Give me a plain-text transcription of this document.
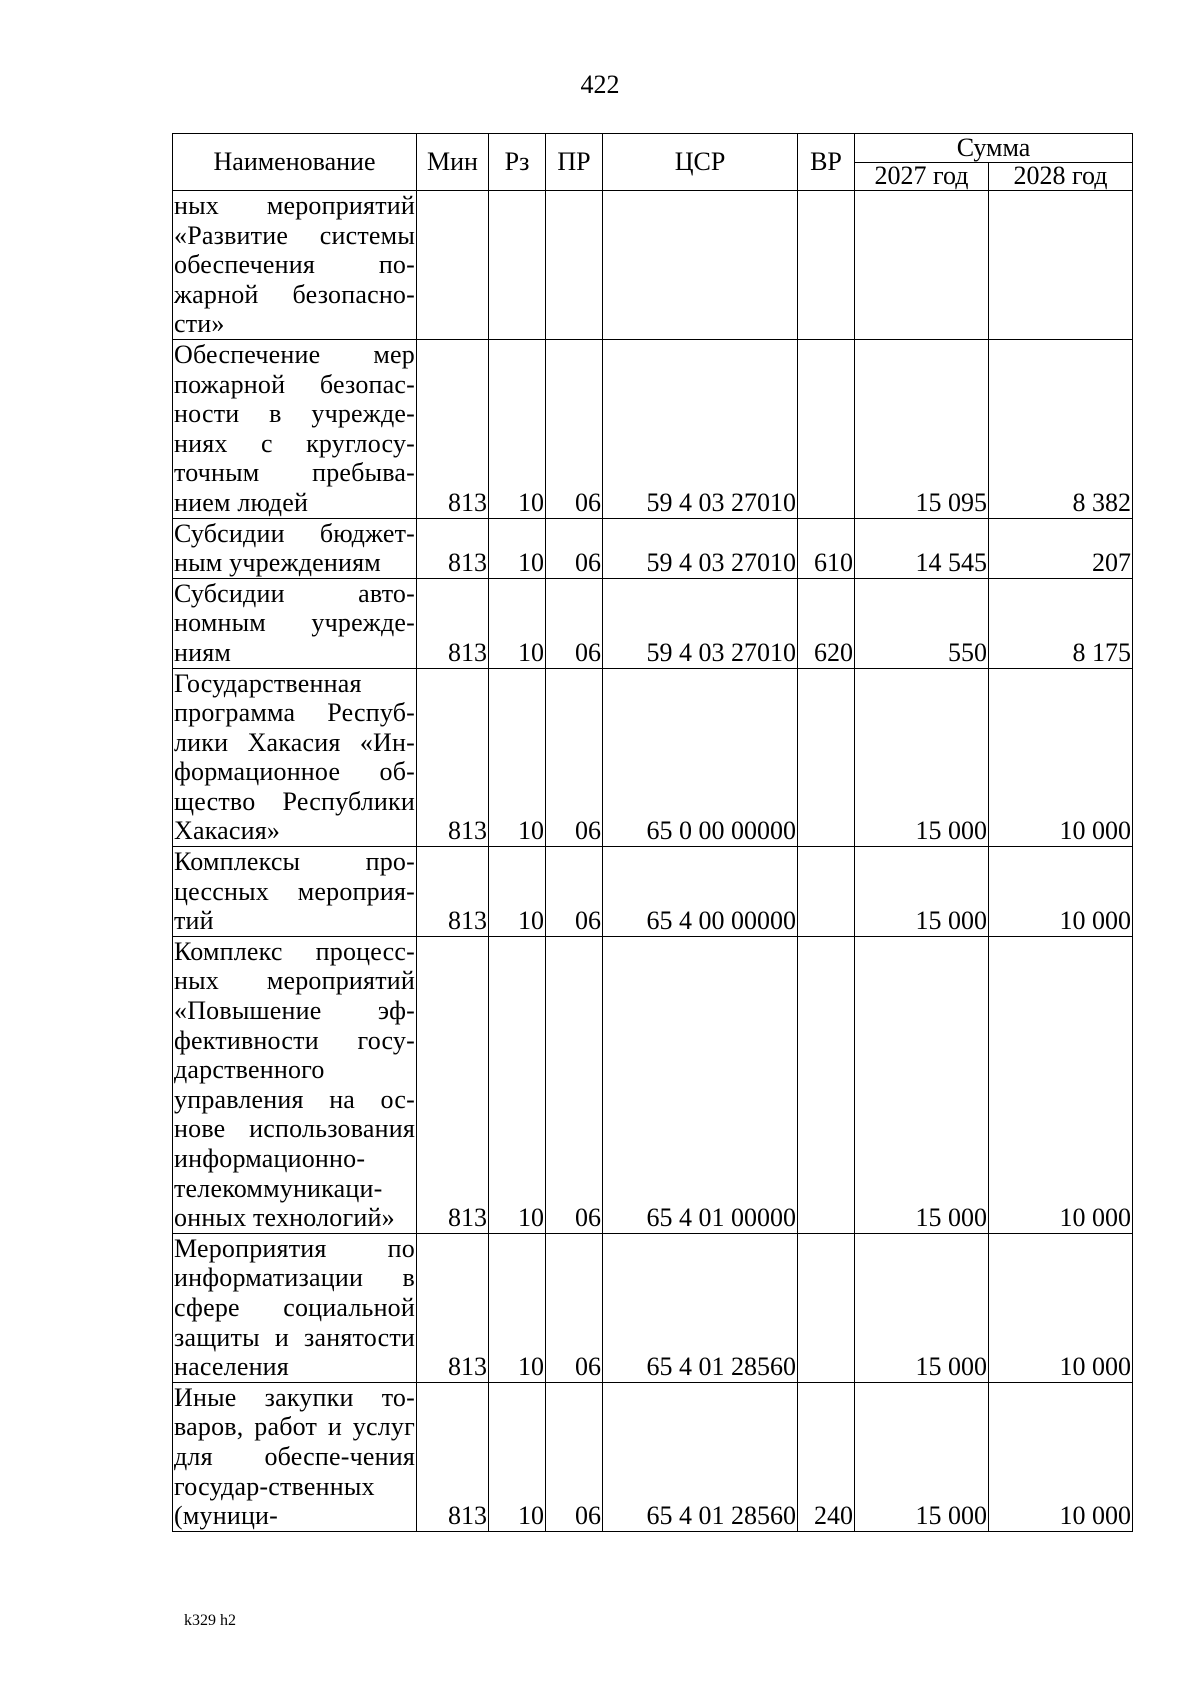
422
Наименование	Мин	Рз	ПР	ЦСР	ВР	Сумма	
						2027 год	2028 год
ных мероприятий «Развитие системы обеспечения по-жарной безопасно-сти»							
Обеспечение мер пожарной безопас-ности в учрежде-ниях с круглосу-точным пребыва-нием людей	813	10	06	59 4 03 27010		15 095	8 382
Субсидии бюджет-ным учреждениям	813	10	06	59 4 03 27010	610	14 545	207
Субсидии авто-номным учрежде-ниям	813	10	06	59 4 03 27010	620	550	8 175
Государственная программа Респуб-лики Хакасия «Ин-формационное об-щество Республики Хакасия»	813	10	06	65 0 00 00000		15 000	10 000
Комплексы про-цессных мероприя-тий	813	10	06	65 4 00 00000		15 000	10 000
Комплекс процесс-ных мероприятий «Повышение эф-фективности госу-дарственного управления на ос-нове использования информационно-телекоммуникаци-онных технологий»	813	10	06	65 4 01 00000		15 000	10 000
Мероприятия по информатизации в сфере социальной защиты и занятости населения	813	10	06	65 4 01 28560		15 000	10 000
Иные закупки то-варов, работ и услуг для обеспе-чения государ-ственных (муници-	813	10	06	65 4 01 28560	240	15 000	10 000
k329 h2
